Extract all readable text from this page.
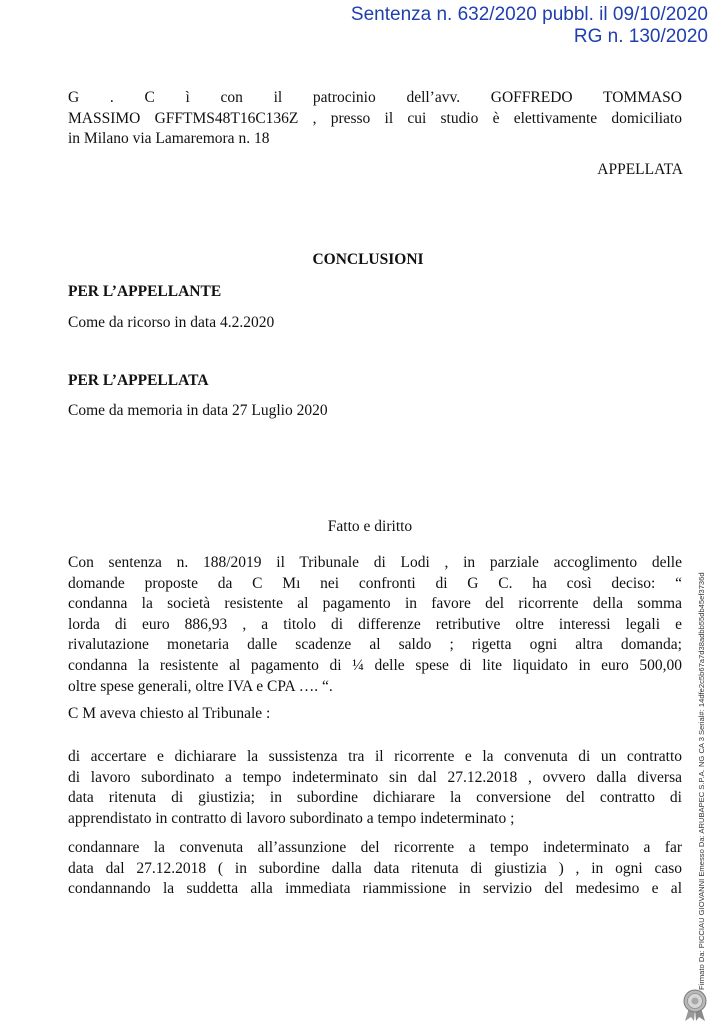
Sentenza n. 632/2020 pubbl. il 09/10/2020
RG n. 130/2020
G . C ì con il patrocinio dell’avv. GOFFREDO TOMMASO
MASSIMO GFFTMS48T16C136Z , presso il cui studio è elettivamente domiciliato
in Milano via Lamaremora n. 18
APPELLATA
CONCLUSIONI
PER L’APPELLANTE
Come da ricorso in data 4.2.2020
PER L’APPELLATA
Come da memoria in data 27 Luglio 2020
Fatto e diritto
Con sentenza n. 188/2019 il Tribunale di Lodi , in parziale accoglimento delle
domande proposte da C Mı nei confronti di G C. ha così deciso: “
condanna la società resistente al pagamento in favore del ricorrente della somma
lorda di euro 886,93 , a titolo di differenze retributive oltre interessi legali e
rivalutazione monetaria dalle scadenze al saldo ; rigetta ogni altra domanda;
condanna la resistente al pagamento di ¼ delle spese di lite liquidato in euro 500,00
oltre spese generali, oltre IVA e CPA …. “.
C M aveva chiesto al Tribunale :
di accertare e dichiarare la sussistenza tra il ricorrente e la convenuta di un contratto
di lavoro subordinato a tempo indeterminato sin dal 27.12.2018 , ovvero dalla diversa
data ritenuta di giustizia; in subordine dichiarare la conversione del contratto di
apprendistato in contratto di lavoro subordinato a tempo indeterminato ;
condannare la convenuta all’assunzione del ricorrente a tempo indeterminato a far
data dal 27.12.2018 ( in subordine dalla data ritenuta di giustizia ) , in ogni caso
condannando la suddetta alla immediata riammissione in servizio del medesimo e al Firmato Da: PICCIAU GIOVANNI Emesso Da: ARUBAPEC S.P.A. NG CA 3 Serial#: 14dfe2c5b67a7d38adbb55db45ef3736d
